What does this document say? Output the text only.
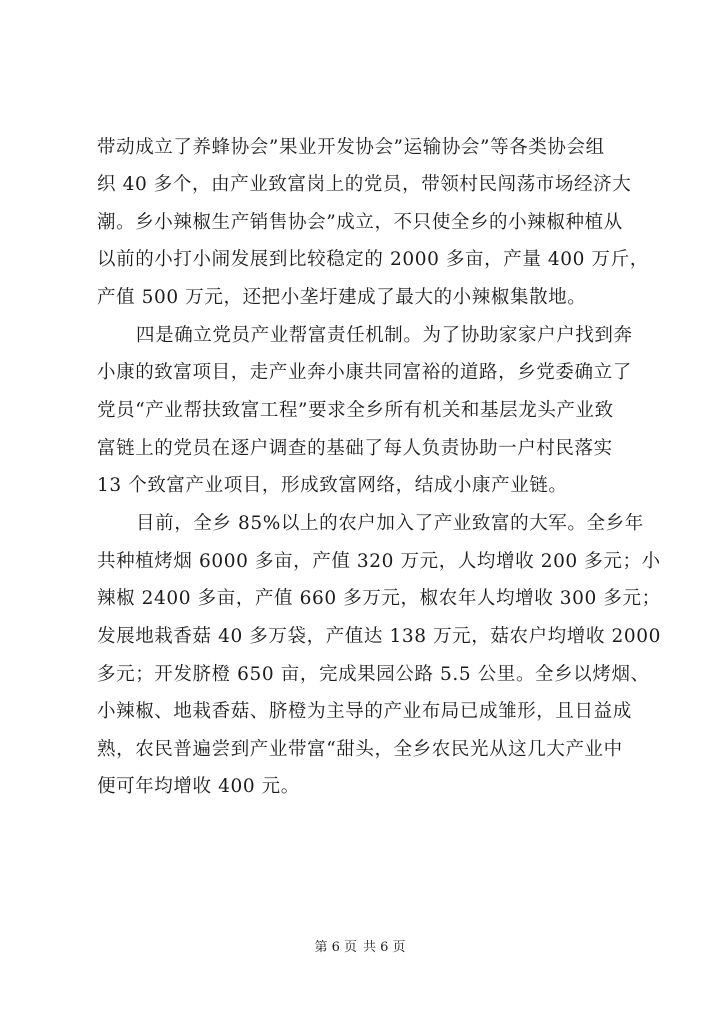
带动成立了养蜂协会”果业开发协会”运输协会”等各类协会组
织 40 多个，由产业致富岗上的党员，带领村民闯荡市场经济大
潮。乡小辣椒生产销售协会”成立，不只使全乡的小辣椒种植从
以前的小打小闹发展到比较稳定的 2000 多亩，产量 400 万斤，
产值 500 万元，还把小垄圩建成了最大的小辣椒集散地。
四是确立党员产业帮富责任机制。为了协助家家户户找到奔
小康的致富项目，走产业奔小康共同富裕的道路，乡党委确立了
党员“产业帮扶致富工程”要求全乡所有机关和基层龙头产业致
富链上的党员在逐户调查的基础了每人负责协助一户村民落实
13 个致富产业项目，形成致富网络，结成小康产业链。
目前，全乡 85%以上的农户加入了产业致富的大军。全乡年
共种植烤烟 6000 多亩，产值 320 万元，人均增收 200 多元；小
辣椒 2400 多亩，产值 660 多万元，椒农年人均增收 300 多元；
发展地栽香菇 40 多万袋，产值达 138 万元，菇农户均增收 2000
多元；开发脐橙 650 亩，完成果园公路 5.5 公里。全乡以烤烟、
小辣椒、地栽香菇、脐橙为主导的产业布局已成雏形，且日益成
熟，农民普遍尝到产业带富“甜头，全乡农民光从这几大产业中
便可年均增收 400 元。
第 6 页 共 6 页
